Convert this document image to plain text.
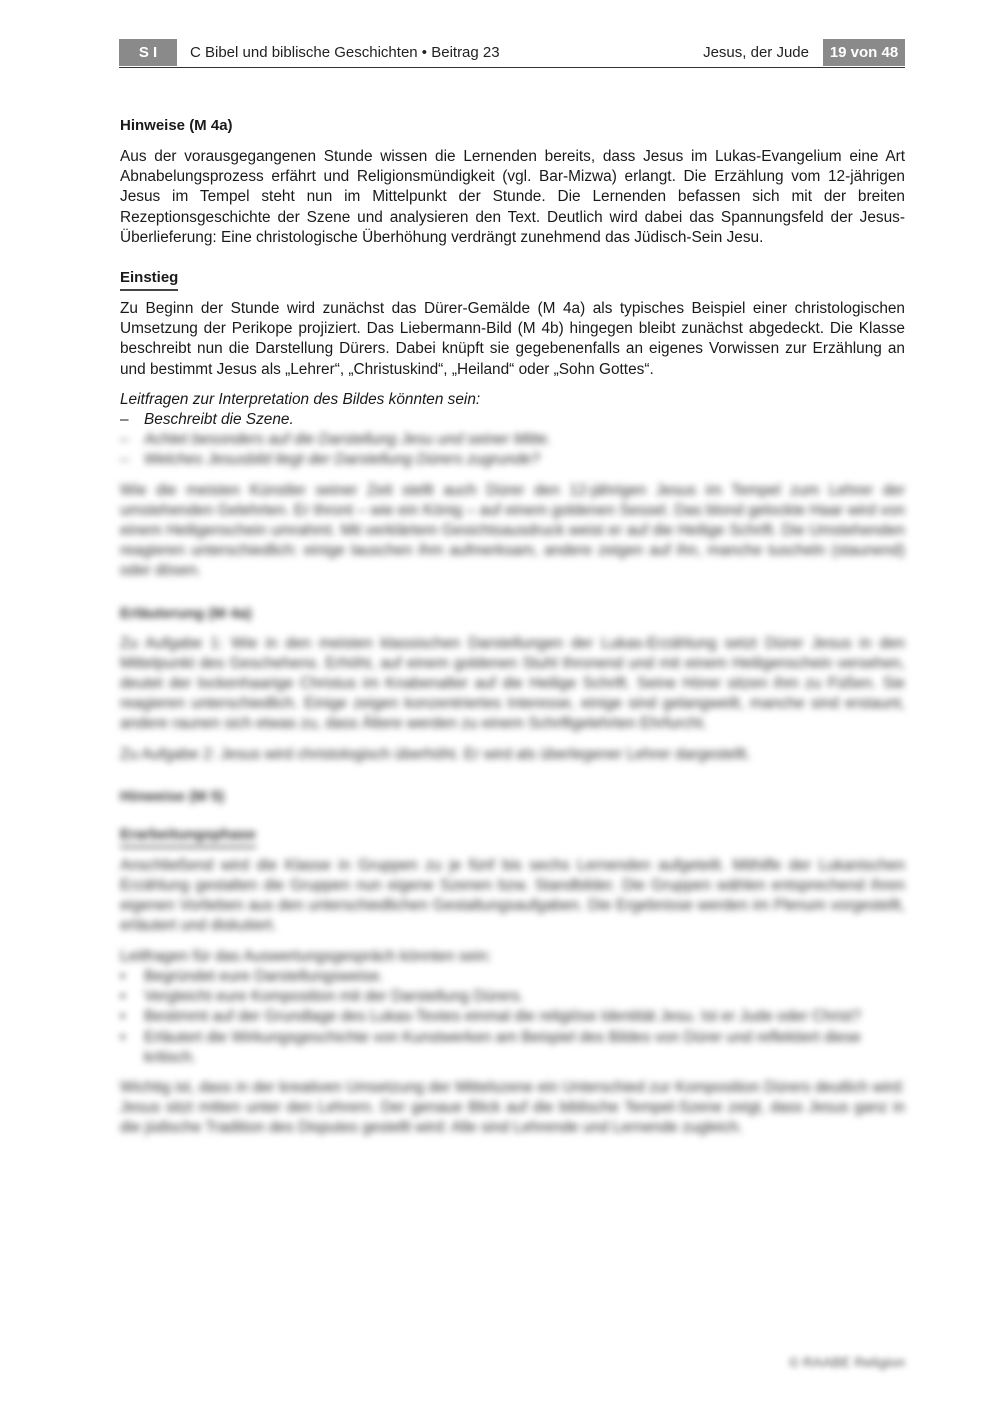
S I	C Bibel und biblische Geschichten • Beitrag 23	Jesus, der Jude	19 von 48
Hinweise (M 4a)

Aus der vorausgegangenen Stunde wissen die Lernenden bereits, dass Jesus im Lukas-Evangelium eine Art Abnabelungsprozess erfährt und Religionsmündigkeit (vgl. Bar-Mizwa) erlangt. Die Erzählung vom 12-jährigen Jesus im Tempel steht nun im Mittelpunkt der Stunde. Die Lernenden befassen sich mit der breiten Rezeptionsgeschichte der Szene und analysieren den Text. Deutlich wird dabei das Spannungsfeld der Jesus-Überlieferung: Eine christologische Überhöhung verdrängt zunehmend das Jüdisch-Sein Jesu.

Einstieg

Zu Beginn der Stunde wird zunächst das Dürer-Gemälde (M 4a) als typisches Beispiel einer christologischen Umsetzung der Perikope projiziert. Das Liebermann-Bild (M 4b) hingegen bleibt zunächst abgedeckt. Die Klasse beschreibt nun die Darstellung Dürers. Dabei knüpft sie gegebenenfalls an eigenes Vorwissen zur Erzählung an und bestimmt Jesus als „Lehrer“, „Christuskind“, „Heiland“ oder „Sohn Gottes“.

Leitfragen zur Interpretation des Bildes könnten sein:

–	Beschreibt die Szene.
–	Achtet besonders auf die Darstellung Jesu und seiner Mitte.
–	Welches Jesusbild liegt der Darstellung Dürers zugrunde?

Wie die meisten Künstler seiner Zeit stellt auch Dürer den 12-jährigen Jesus im Tempel zum Lehrer der umstehenden Gelehrten. Er thront – wie ein König – auf einem goldenen Sessel. Das blond gelockte Haar wird von einem Heiligenschein umrahmt. Mit verklärtem Gesichtsausdruck weist er auf die Heilige Schrift. Die Umstehenden reagieren unterschiedlich: einige lauschen ihm aufmerksam, andere zeigen auf ihn, manche tuscheln (staunend) oder dösen.

Erläuterung (M 4a)

Zu Aufgabe 1: Wie in den meisten klassischen Darstellungen der Lukas-Erzählung setzt Dürer Jesus in den Mittelpunkt des Geschehens. Erhöht, auf einem goldenen Stuhl thronend und mit einem Heiligenschein versehen, deutet der lockenhaarige Christus im Knabenalter auf die Heilige Schrift. Seine Hörer sitzen ihm zu Füßen. Sie reagieren unterschiedlich. Einige zeigen konzentriertes Interesse, einige sind gelangweilt, manche sind erstaunt, andere raunen sich etwas zu, dass Ältere werden zu einem Schriftgelehrten Ehrfurcht.

Zu Aufgabe 2: Jesus wird christologisch überhöht. Er wird als überlegener Lehrer dargestellt.

Hinweise (M 5)
Erarbeitungsphase

Anschließend wird die Klasse in Gruppen zu je fünf bis sechs Lernenden aufgeteilt. Mithilfe der Lukanischen Erzählung gestalten die Gruppen nun eigene Szenen bzw. Standbilder. Die Gruppen wählen entsprechend ihren eigenen Vorlieben aus den unterschiedlichen Gestaltungsaufgaben. Die Ergebnisse werden im Plenum vorgestellt, erläutert und diskutiert.

Leitfragen für das Auswertungsgespräch könnten sein:

•	Begründet eure Darstellungsweise.
•	Vergleicht eure Komposition mit der Darstellung Dürers.
•	Bestimmt auf der Grundlage des Lukas-Textes einmal die religiöse Identität Jesu. Ist er Jude oder Christ?
•	Erläutert die Wirkungsgeschichte von Kunstwerken am Beispiel des Bildes von Dürer und reflektiert diese kritisch.

Wichtig ist, dass in der kreativen Umsetzung der Mittelszene ein Unterschied zur Komposition Dürers deutlich wird: Jesus sitzt mitten unter den Lehrern. Der genaue Blick auf die biblische Tempel-Szene zeigt, dass Jesus ganz in die jüdische Tradition des Disputes gestellt wird: Alle sind Lehrende und Lernende zugleich.

© RAABE Religion
